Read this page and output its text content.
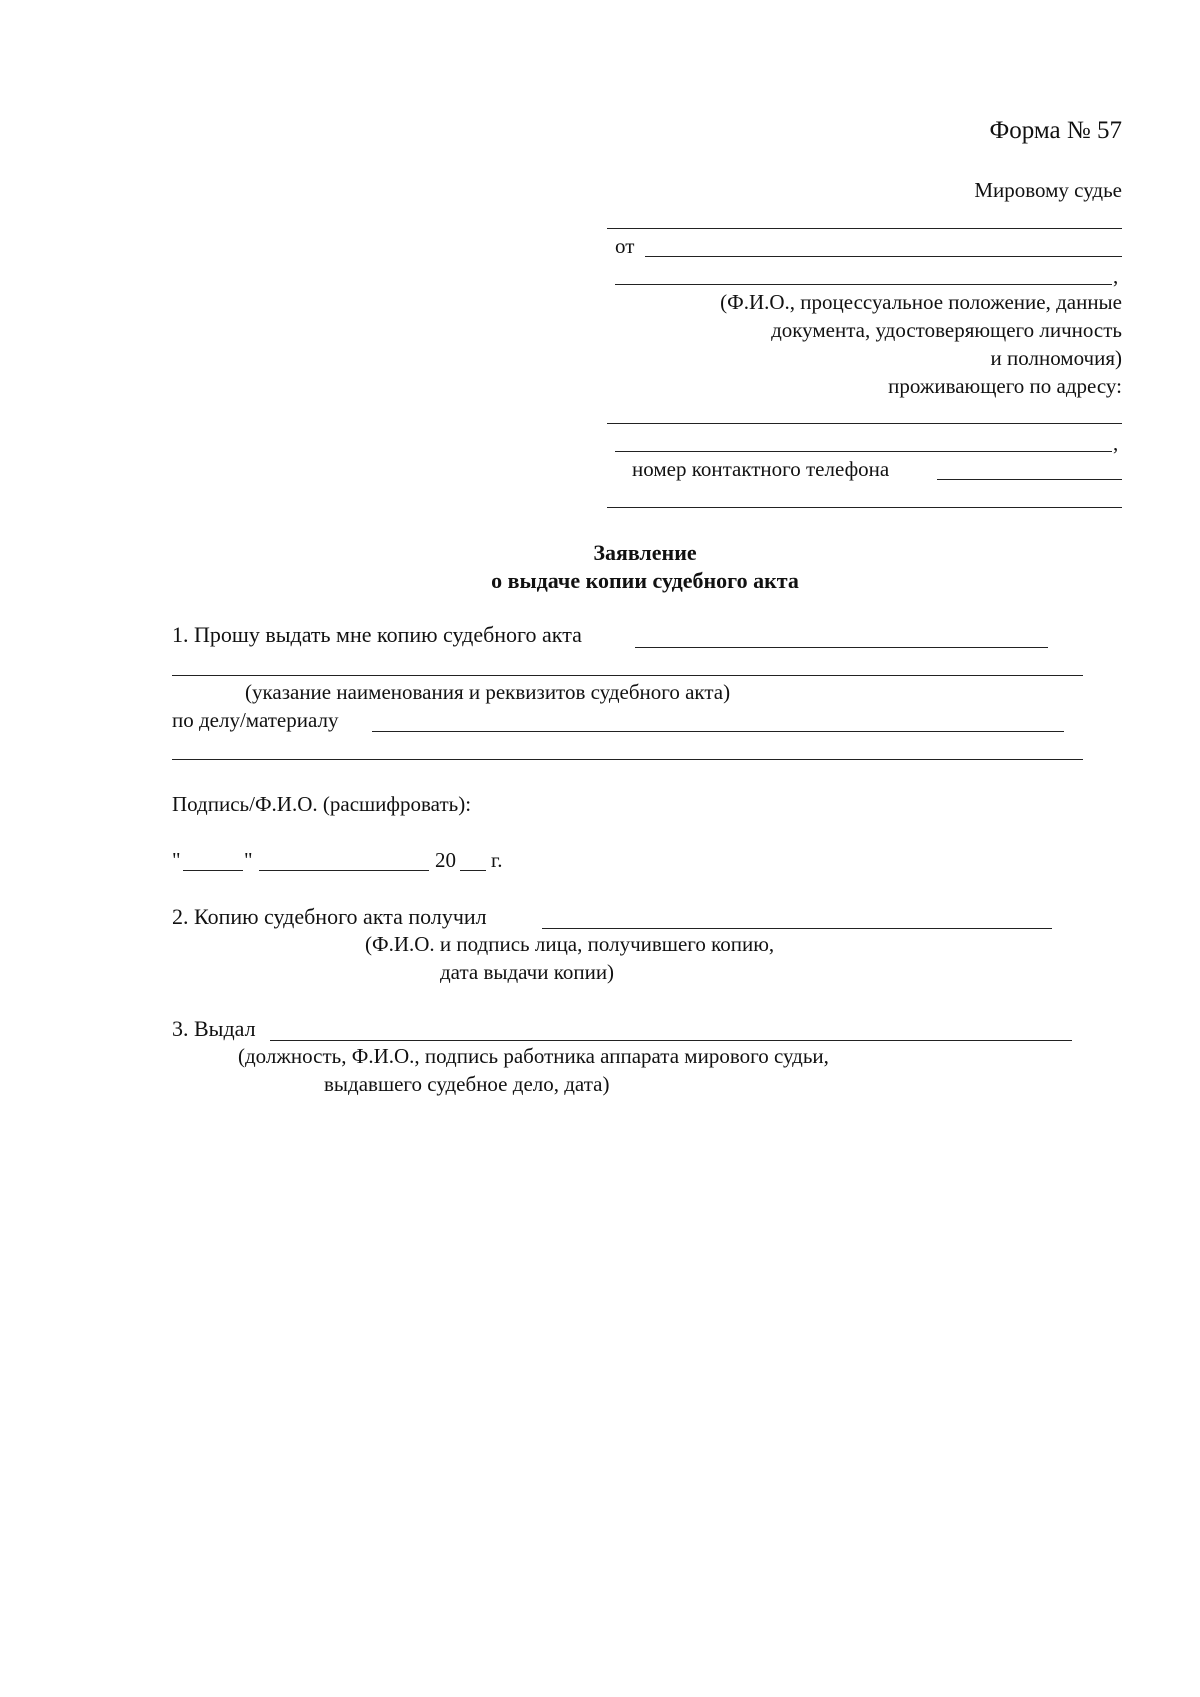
Форма № 57
Мировому судье
от
,
(Ф.И.О., процессуальное положение, данные
документа, удостоверяющего личность
и полномочия)
проживающего по адресу:
,
номер контактного телефона
Заявление
о выдаче копии судебного акта
1. Прошу выдать мне копию судебного акта
(указание наименования и реквизитов судебного акта)
по делу/материалу
Подпись/Ф.И.О. (расшифровать):
"	"	20 г.
2. Копию судебного акта получил
(Ф.И.О. и подпись лица, получившего копию,
дата выдачи копии)
3. Выдал
(должность, Ф.И.О., подпись работника аппарата мирового судьи,
выдавшего судебное дело, дата)
